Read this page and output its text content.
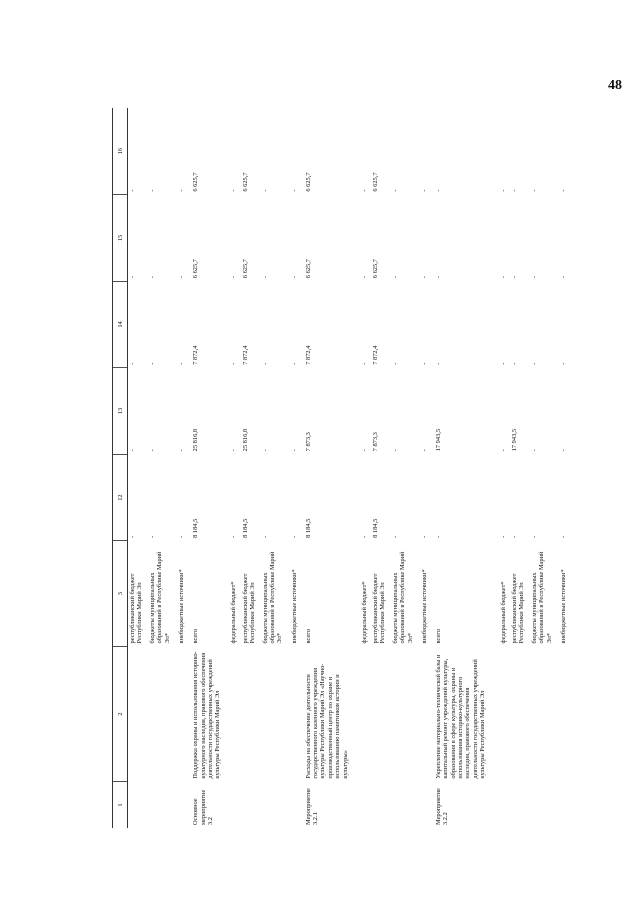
48
1	2	3	12	13	14	15	16
		республиканский бюджет Республики Марий Эл	-	-	-	-	-
		бюджеты муниципальных образований в Республике Марий Эл*	-	-	-	-	-
		внебюджетные источники*	-	-	-	-	-
Основное мероприятие 3.2	Поддержка охраны и использования историко-культурного наследия, правового обеспечения деятельности государственных учреждений культуры Республики Марий Эл	всего	8 184,5	25 816,8	7 872,4	6 625,7	6 625,7
		федеральный бюджет*	-	-	-	-	-
		республиканский бюджет Республики Марий Эл	8 184,5	25 816,8	7 872,4	6 625,7	6 625,7
		бюджеты муниципальных образований в Республике Марий Эл*	-	-	-	-	-
		внебюджетные источники*	-	-	-	-	-
Мероприятие 3.2.1	Расходы на обеспечение деятельности государственного казенного учреждения культуры Республики Марий Эл «Научно-производственный центр по охране и использованию памятников истории и культуры»	всего	8 184,5	7 873,3	7 872,4	6 625,7	6 625,7
		федеральный бюджет*	-	-	-	-	-
		республиканский бюджет Республики Марий Эл	8 184,5	7 873,3	7 872,4	6 625,7	6 625,7
		бюджеты муниципальных образований в Республике Марий Эл*	-	-	-	-	-
		внебюджетные источники*	-	-	-	-	-
Мероприятие 3.2.2	Укрепление материально-технической базы и капитальный ремонт учреждений культуры, образования в сфере культуры, охраны и использования историко-культурного наследия, правового обеспечения деятельности государственных учреждений культуры Республики Марий Эл	всего	-	17 943,5	-	-	-
		федеральный бюджет*	-	-	-	-	-
		республиканский бюджет Республики Марий Эл	-	17 943,5	-	-	-
		бюджеты муниципальных образований в Республике Марий Эл*	-	-	-	-	-
		внебюджетные источники*	-	-	-	-	-
